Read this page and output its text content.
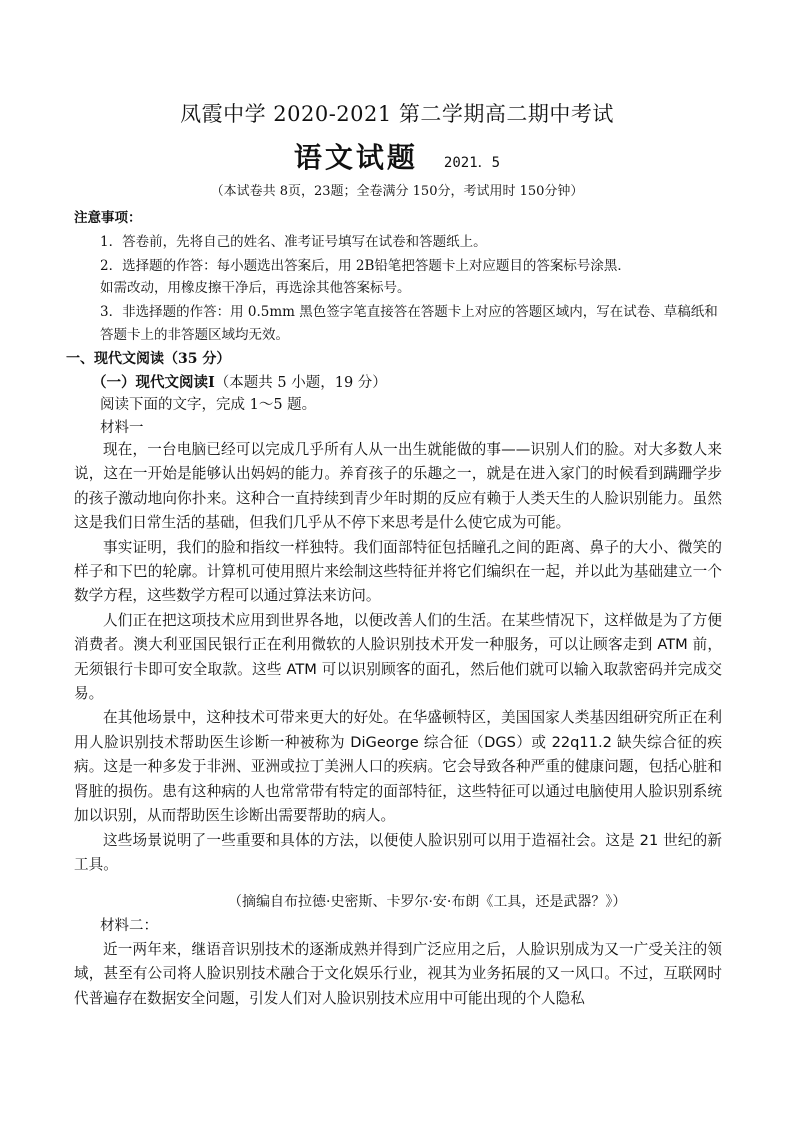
凤霞中学 2020-2021 第二学期高二期中考试
语文试题 2021．5
（本试卷共 8页，23题；全卷满分 150分，考试用时 150分钟）
注意事项：
1．答卷前，先将自己的姓名、准考证号填写在试卷和答题纸上。
2．选择题的作答：每小题选出答案后，用 2B铅笔把答题卡上对应题目的答案标号涂黑．
如需改动，用橡皮擦干净后，再选涂其他答案标号。
3．非选择题的作答：用 0.5mm 黑色签字笔直接答在答题卡上对应的答题区域内，写在试卷、草稿纸和
答题卡上的非答题区域均无效。
一、现代文阅读（35 分）
（一）现代文阅读Ⅰ（本题共 5 小题，19 分）
阅读下面的文字，完成 1～5 题。
材料一

现在，一台电脑已经可以完成几乎所有人从一出生就能做的事——识别人们的脸。对大多数人来说，这在一开始是能够认出妈妈的能力。养育孩子的乐趣之一，就是在进入家门的时候看到蹒跚学步的孩子激动地向你扑来。这种合一直持续到青少年时期的反应有赖于人类天生的人脸识别能力。虽然这是我们日常生活的基础，但我们几乎从不停下来思考是什么使它成为可能。

事实证明，我们的脸和指纹一样独特。我们面部特征包括瞳孔之间的距离、鼻子的大小、微笑的样子和下巴的轮廓。计算机可使用照片来绘制这些特征并将它们编织在一起，并以此为基础建立一个数学方程，这些数学方程可以通过算法来访问。

人们正在把这项技术应用到世界各地，以便改善人们的生活。在某些情况下，这样做是为了方便消费者。澳大利亚国民银行正在利用微软的人脸识别技术开发一种服务，可以让顾客走到 ATM 前，无须银行卡即可安全取款。这些 ATM 可以识别顾客的面孔，然后他们就可以输入取款密码并完成交易。

在其他场景中，这种技术可带来更大的好处。在华盛顿特区，美国国家人类基因组研究所正在利用人脸识别技术帮助医生诊断一种被称为 DiGeorge 综合征（DGS）或 22q11.2 缺失综合征的疾病。这是一种多发于非洲、亚洲或拉丁美洲人口的疾病。它会导致各种严重的健康问题，包括心脏和肾脏的损伤。患有这种病的人也常常带有特定的面部特征，这些特征可以通过电脑使用人脸识别系统加以识别，从而帮助医生诊断出需要帮助的病人。

这些场景说明了一些重要和具体的方法，以便使人脸识别可以用于造福社会。这是 21 世纪的新工具。

（摘编自布拉德·史密斯、卡罗尔·安·布朗《工具，还是武器？》）
材料二：

近一两年来，继语音识别技术的逐渐成熟并得到广泛应用之后，人脸识别成为又一广受关注的领域，甚至有公司将人脸识别技术融合于文化娱乐行业，视其为业务拓展的又一风口。不过，互联网时代普遍存在数据安全问题，引发人们对人脸识别技术应用中可能出现的个人隐私
